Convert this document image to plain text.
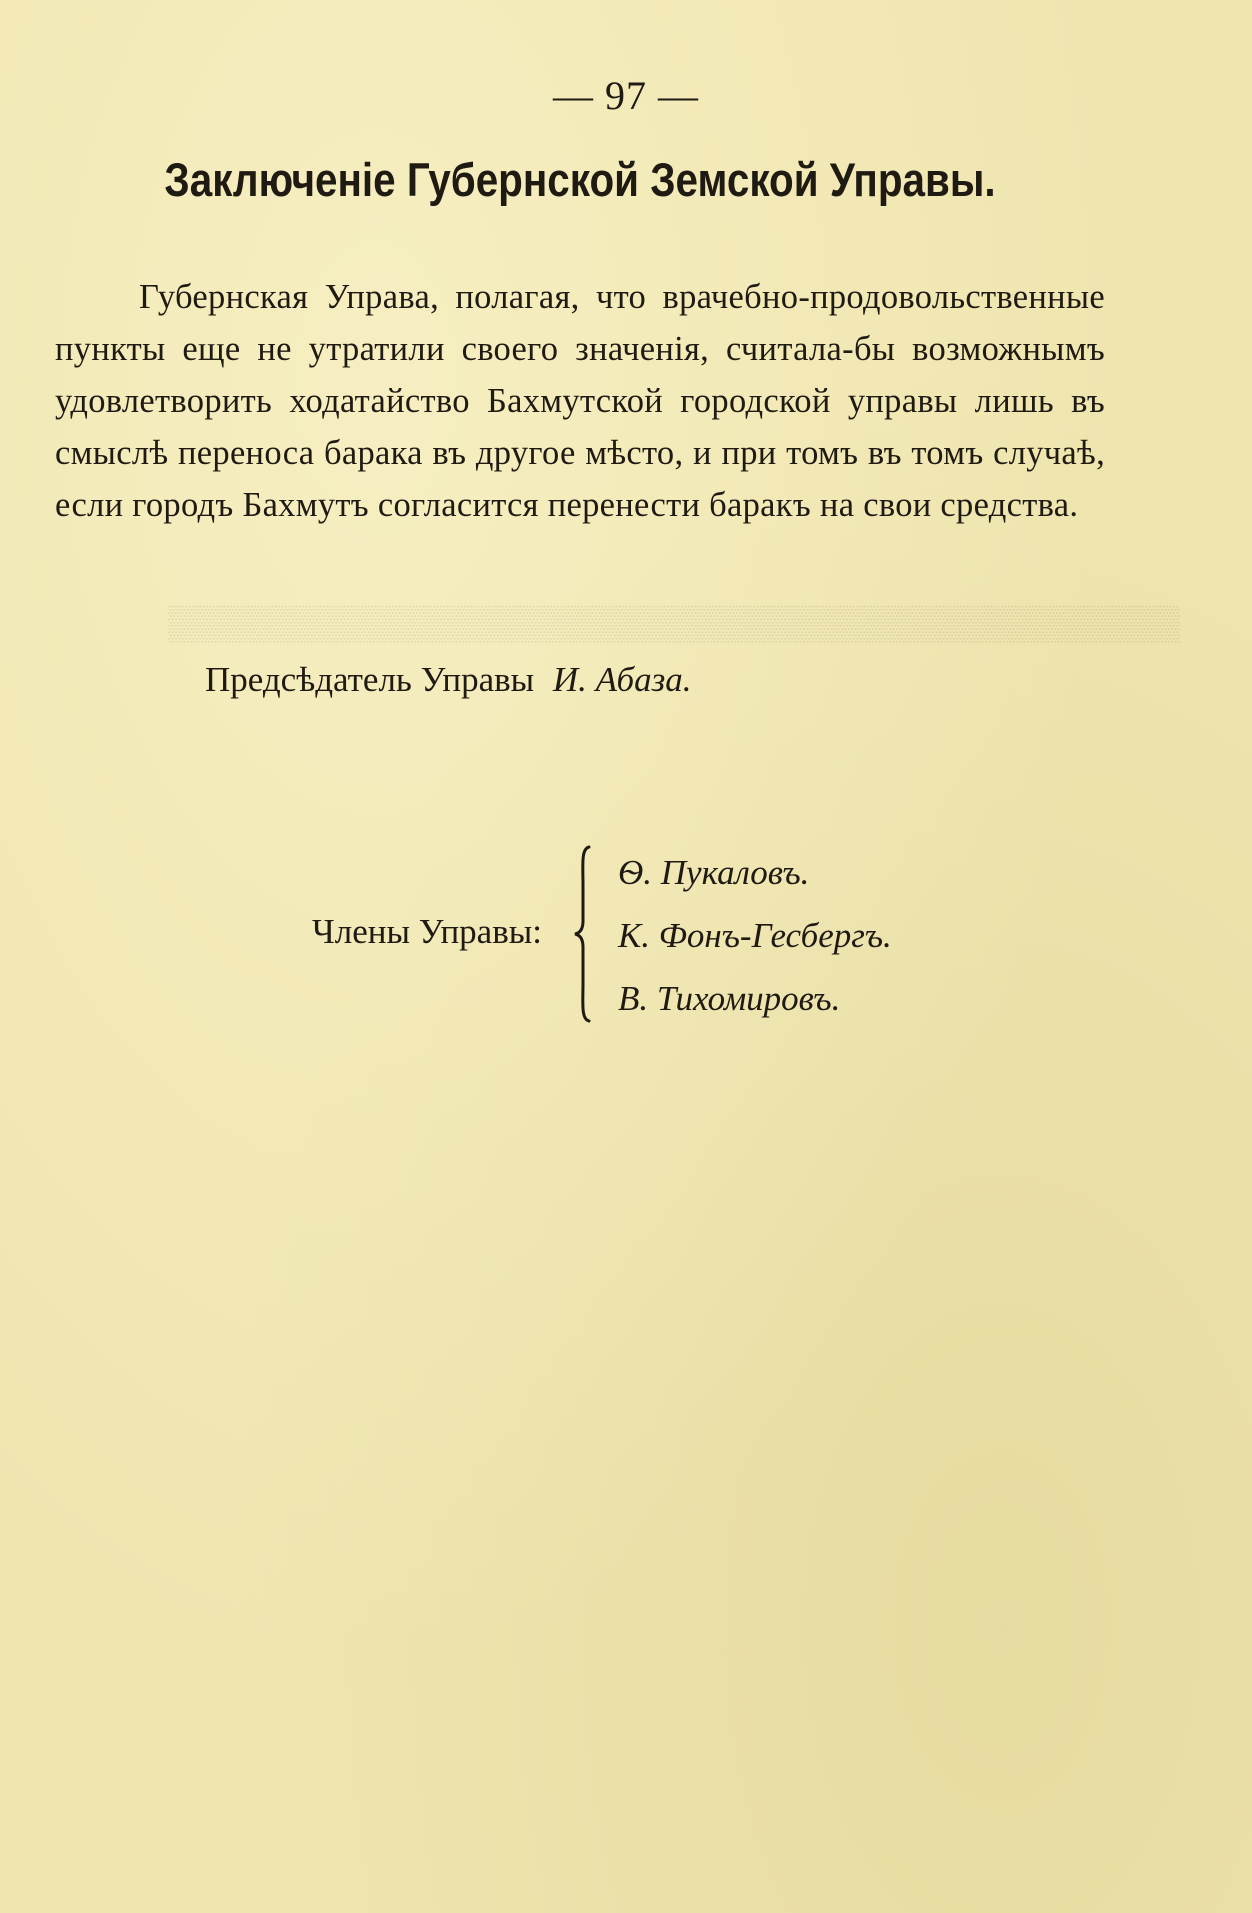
▒▒▒▒▒▒▒▒▒▒▒▒▒▒▒▒▒▒▒▒▒▒▒▒▒▒▒▒▒▒▒▒▒▒▒▒▒▒▒▒▒▒
— 97 —
Заключеніе Губернской Земской Управы.

Губернская Управа, полагая, что врачебно-продовольственные пункты еще не утратили своего значенія, считала-бы возможнымъ удовлетворить ходатайство Бахмутской городской управы лишь въ смыслѣ переноса барака въ другое мѣсто, и при томъ въ томъ случаѣ, если городъ Бахмутъ согласится перенести баракъ на свои средства.

Предсѣдатель Управы И. Абаза.
Члены Управы:
Ѳ. Пукаловъ.
К. Фонъ-Гесбергъ.
В. Тихомировъ.
